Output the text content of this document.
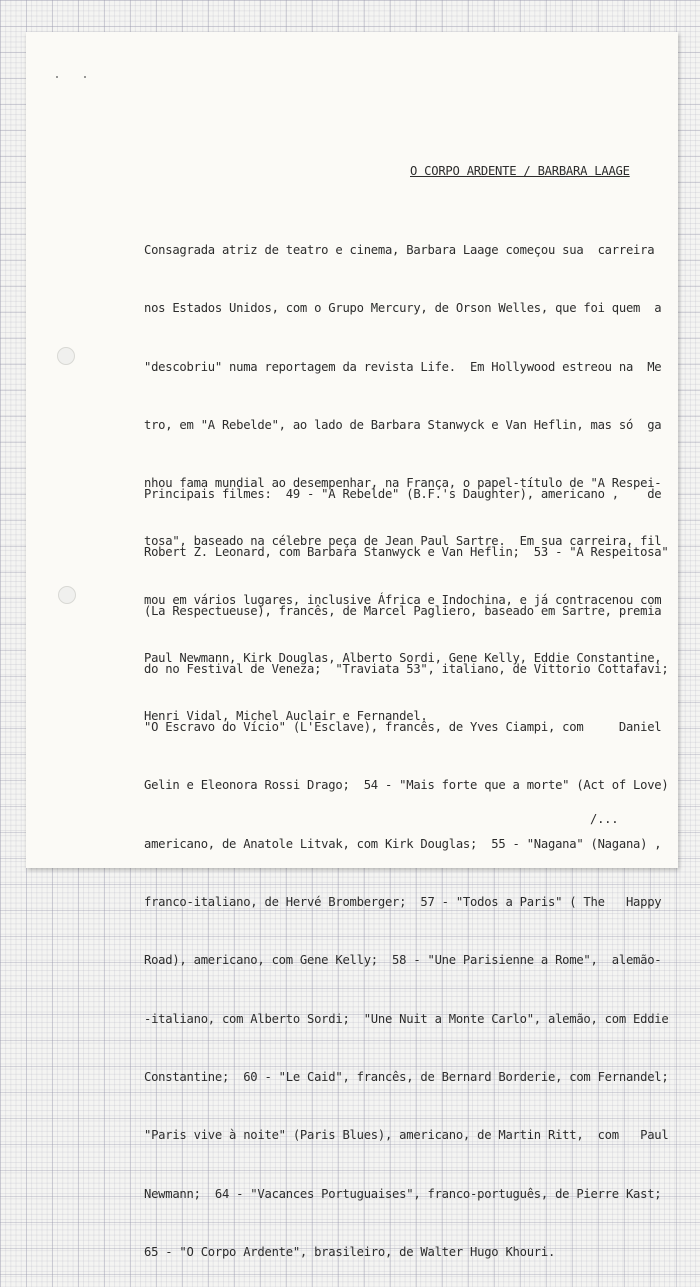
O CORPO ARDENTE / BARBARA LAAGE

Consagrada atriz de teatro e cinema, Barbara Laage começou sua  carreira

nos Estados Unidos, com o Grupo Mercury, de Orson Welles, que foi quem  a

"descobriu" numa reportagem da revista Life.  Em Hollywood estreou na  Me

tro, em "A Rebelde", ao lado de Barbara Stanwyck e Van Heflin, mas só  ga

nhou fama mundial ao desempenhar, na França, o papel-título de "A Respei-

tosa", baseado na célebre peça de Jean Paul Sartre.  Em sua carreira, fil

mou em vários lugares, inclusive África e Indochina, e já contracenou com

Paul Newmann, Kirk Douglas, Alberto Sordi, Gene Kelly, Eddie Constantine,

Henri Vidal, Michel Auclair e Fernandel.

Principais filmes:  49 - "A Rebelde" (B.F.'s Daughter), americano ,    de

Robert Z. Leonard, com Barbara Stanwyck e Van Heflin;  53 - "A Respeitosa"

(La Respectueuse), francês, de Marcel Pagliero, baseado em Sartre, premia

do no Festival de Veneza;  "Traviata 53", italiano, de Vittorio Cottafavi;

"O Escravo do Vício" (L'Esclave), francês, de Yves Ciampi, com     Daniel

Gelin e Eleonora Rossi Drago;  54 - "Mais forte que a morte" (Act of Love)

americano, de Anatole Litvak, com Kirk Douglas;  55 - "Nagana" (Nagana) ,

franco-italiano, de Hervé Bromberger;  57 - "Todos a Paris" ( The   Happy

Road), americano, com Gene Kelly;  58 - "Une Parisienne a Rome",  alemão-

-italiano, com Alberto Sordi;  "Une Nuit a Monte Carlo", alemão, com Eddie

Constantine;  60 - "Le Caid", francês, de Bernard Borderie, com Fernandel;

"Paris vive à noite" (Paris Blues), americano, de Martin Ritt,  com   Paul

Newmann;  64 - "Vacances Portuguaises", franco-português, de Pierre Kast;

65 - "O Corpo Ardente", brasileiro, de Walter Hugo Khouri.

/...
